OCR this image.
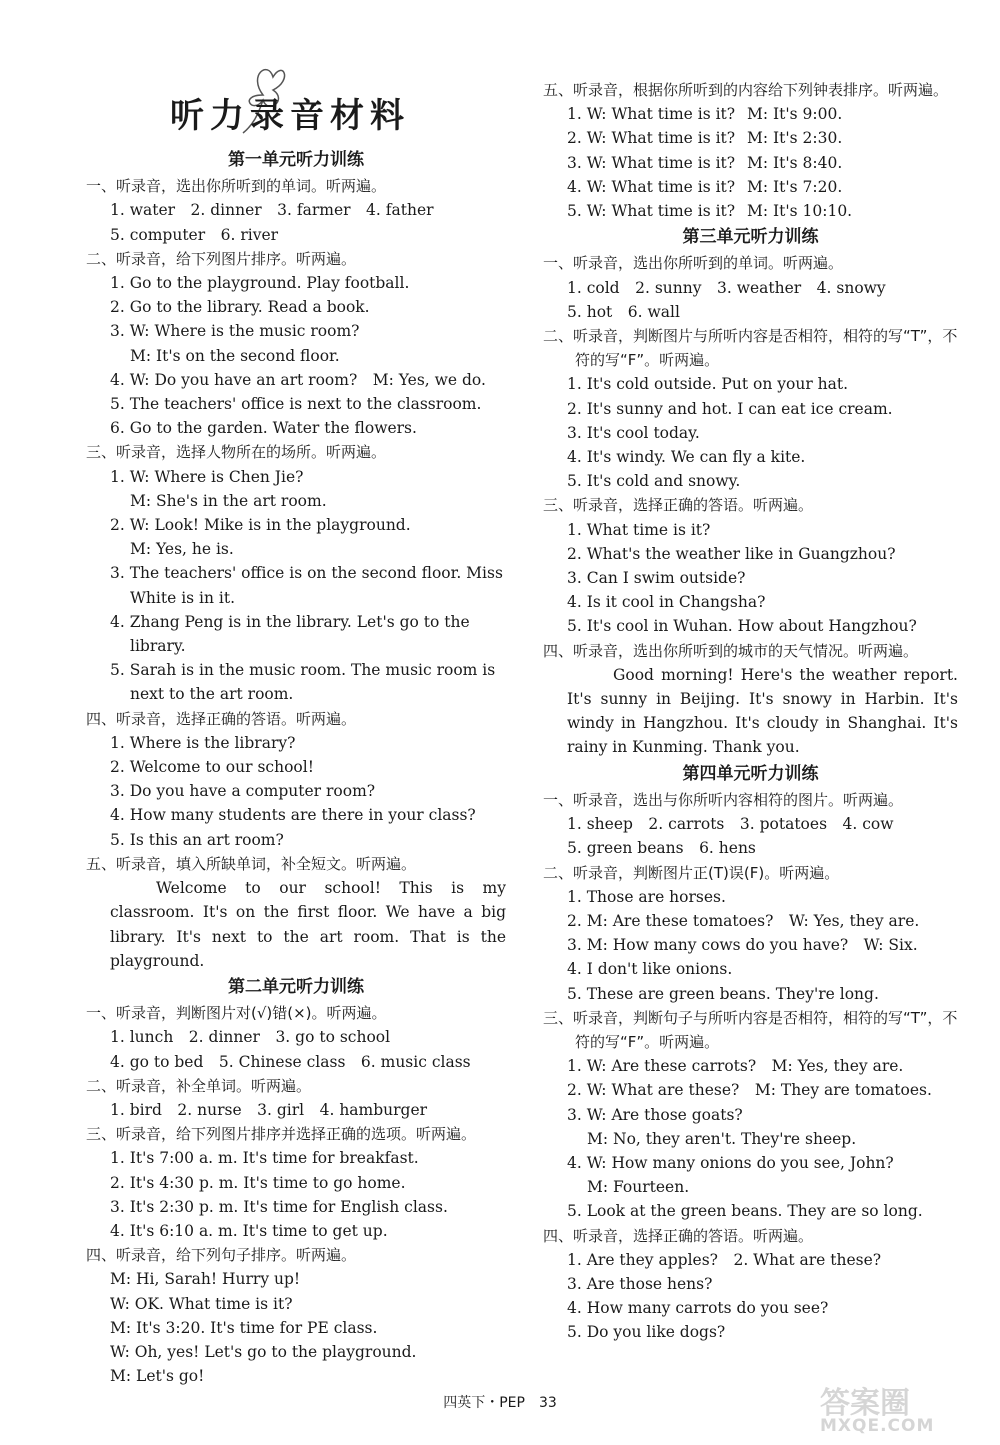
听力录音材料
第一单元听力训练
一、听录音，选出你所听到的单词。听两遍。
1. water　2. dinner　3. farmer　4. father
5. computer　6. river
二、听录音，给下列图片排序。听两遍。
1. Go to the playground. Play football.
2. Go to the library. Read a book.
3. W: Where is the music room?
M: It's on the second floor.
4. W: Do you have an art room?　M: Yes, we do.
5. The teachers' office is next to the classroom.
6. Go to the garden. Water the flowers.
三、听录音，选择人物所在的场所。听两遍。
1. W: Where is Chen Jie?
M: She's in the art room.
2. W: Look! Mike is in the playground.
M: Yes, he is.
3. The teachers' office is on the second floor. Miss White is in it.
4. Zhang Peng is in the library. Let's go to the library.
5. Sarah is in the music room. The music room is next to the art room.
四、听录音，选择正确的答语。听两遍。
1. Where is the library?
2. Welcome to our school!
3. Do you have a computer room?
4. How many students are there in your class?
5. Is this an art room?
五、听录音，填入所缺单词，补全短文。听两遍。
Welcome to our school! This is my classroom. It's on the first floor. We have a big library. It's next to the art room. That is the playground.
第二单元听力训练
一、听录音，判断图片对(√)错(×)。听两遍。
1. lunch　2. dinner　3. go to school
4. go to bed　5. Chinese class　6. music class
二、听录音，补全单词。听两遍。
1. bird　2. nurse　3. girl　4. hamburger
三、听录音，给下列图片排序并选择正确的选项。听两遍。
1. It's 7:00 a. m. It's time for breakfast.
2. It's 4:30 p. m. It's time to go home.
3. It's 2:30 p. m. It's time for English class.
4. It's 6:10 a. m. It's time to get up.
四、听录音，给下列句子排序。听两遍。
M: Hi, Sarah! Hurry up!
W: OK. What time is it?
M: It's 3:20. It's time for PE class.
W: Oh, yes! Let's go to the playground.
M: Let's go!
五、听录音，根据你所听到的内容给下列钟表排序。听两遍。
1. W: What time is it? M: It's 9:00.
2. W: What time is it? M: It's 2:30.
3. W: What time is it? M: It's 8:40.
4. W: What time is it? M: It's 7:20.
5. W: What time is it? M: It's 10:10.
第三单元听力训练
一、听录音，选出你所听到的单词。听两遍。
1. cold　2. sunny　3. weather　4. snowy
5. hot　6. wall
二、听录音，判断图片与所听内容是否相符，相符的写“T”，不符的写“F”。听两遍。
1. It's cold outside. Put on your hat.
2. It's sunny and hot. I can eat ice cream.
3. It's cool today.
4. It's windy. We can fly a kite.
5. It's cold and snowy.
三、听录音，选择正确的答语。听两遍。
1. What time is it?
2. What's the weather like in Guangzhou?
3. Can I swim outside?
4. Is it cool in Changsha?
5. It's cool in Wuhan. How about Hangzhou?
四、听录音，选出你所听到的城市的天气情况。听两遍。
Good morning! Here's the weather report. It's sunny in Beijing. It's snowy in Harbin. It's windy in Hangzhou. It's cloudy in Shanghai. It's rainy in Kunming. Thank you.
第四单元听力训练
一、听录音，选出与你所听内容相符的图片。听两遍。
1. sheep　2. carrots　3. potatoes　4. cow
5. green beans　6. hens
二、听录音，判断图片正(T)误(F)。听两遍。
1. Those are horses.
2. M: Are these tomatoes?　W: Yes, they are.
3. M: How many cows do you have?　W: Six.
4. I don't like onions.
5. These are green beans. They're long.
三、听录音，判断句子与所听内容是否相符，相符的写“T”，不符的写“F”。听两遍。
1. W: Are these carrots?　M: Yes, they are.
2. W: What are these?　M: They are tomatoes.
3. W: Are those goats?
M: No, they aren't. They're sheep.
4. W: How many onions do you see, John?
M: Fourteen.
5. Look at the green beans. They are so long.
四、听录音，选择正确的答语。听两遍。
1. Are they apples?　2. What are these?
3. Are those hens?
4. How many carrots do you see?
5. Do you like dogs?
四英下・PEP　33	答案圈
MXQE.COM
